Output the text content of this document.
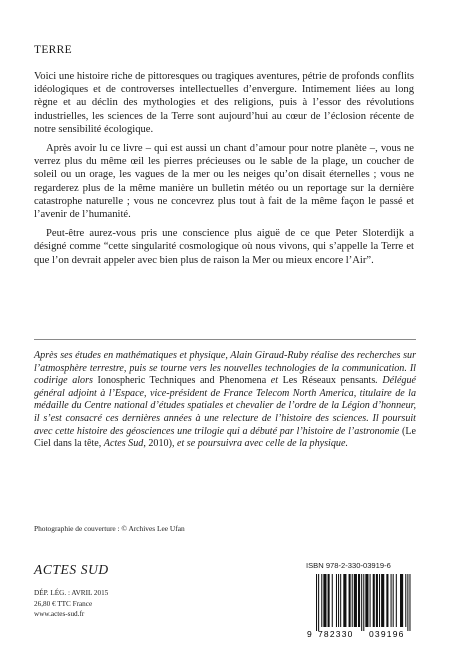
TERRE

Voici une histoire riche de pittoresques ou tragiques aventures, pétrie de profonds conflits idéologiques et de controverses intellectuelles d’envergure. Intimement liées au long règne et au déclin des mythologies et des religions, puis à l’essor des révolutions industrielles, les sciences de la Terre sont aujourd’hui au cœur de l’éclosion récente de notre sensibilité écologique.

Après avoir lu ce livre – qui est aussi un chant d’amour pour notre planète –, vous ne verrez plus du même œil les pierres précieuses ou le sable de la plage, un coucher de soleil ou un orage, les vagues de la mer ou les neiges qu’on disait éternelles ; vous ne regarderez plus de la même manière un bulletin météo ou un reportage sur la dernière catastrophe naturelle ; vous ne concevrez plus tout à fait de la même façon le passé et l’avenir de l’humanité.

Peut-être aurez-vous pris une conscience plus aiguë de ce que Peter Sloterdijk a désigné comme “cette singularité cosmologique où nous vivons, qui s’appelle la Terre et que l’on devrait appeler avec bien plus de raison la Mer ou mieux encore l’Air”.

Après ses études en mathématiques et physique, Alain Giraud-Ruby réalise des recherches sur l’atmosphère terrestre, puis se tourne vers les nouvelles technologies de la communication. Il codirige alors Ionospheric Techniques and Phenomena et Les Réseaux pensants. Délégué général adjoint à l’Espace, vice-président de France Telecom North America, titulaire de la médaille du Centre national d’études spatiales et chevalier de l’ordre de la Légion d’honneur, il s’est consacré ces dernières années à une relecture de l’histoire des sciences. Il poursuit avec cette histoire des géosciences une trilogie qui a débuté par l’histoire de l’astronomie (Le Ciel dans la tête, Actes Sud, 2010), et se poursuivra avec celle de la physique.
Photographie de couverture : © Archives Lee Ufan
ACTES SUD
DÉP. LÉG. : AVRIL 2015
26,80 € TTC France
www.actes-sud.fr
ISBN 978-2-330-03919-6
9 782330 039196
